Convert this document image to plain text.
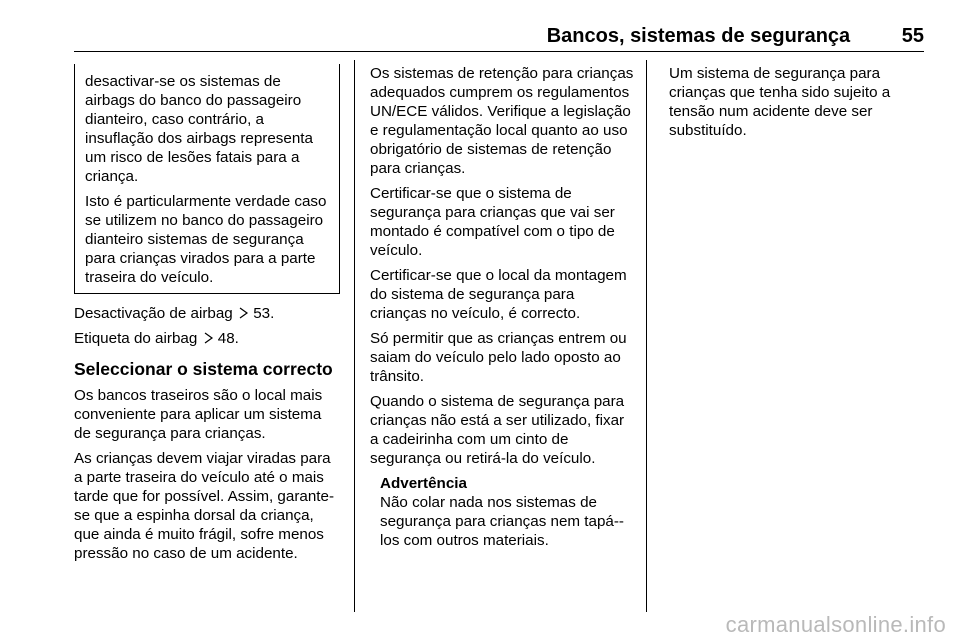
Bancos, sistemas de segurança	55

desactivar-se os sistemas de airbags do banco do passageiro dianteiro, caso contrário, a insuflação dos airbags representa um risco de lesões fatais para a criança.

Isto é particularmente verdade caso se utilizem no banco do passageiro dianteiro sistemas de segurança para crianças virados para a parte traseira do veículo.

Desactivação de airbag 53.

Etiqueta do airbag 48.

Seleccionar o sistema correcto

Os bancos traseiros são o local mais conveniente para aplicar um sistema de segurança para crianças.

As crianças devem viajar viradas para a parte traseira do veículo até o mais tarde que for possível. Assim, garante-se que a espinha dorsal da criança, que ainda é muito frágil, sofre menos pressão no caso de um acidente.

Os sistemas de retenção para crianças adequados cumprem os regulamentos UN/ECE válidos. Verifique a legislação e regulamentação local quanto ao uso obrigatório de sistemas de retenção para crianças.

Certificar-se que o sistema de segurança para crianças que vai ser montado é compatível com o tipo de veículo.

Certificar-se que o local da montagem do sistema de segurança para crianças no veículo, é correcto.

Só permitir que as crianças entrem ou saiam do veículo pelo lado oposto ao trânsito.

Quando o sistema de segurança para crianças não está a ser utilizado, fixar a cadeirinha com um cinto de segurança ou retirá-la do veículo.

Advertência

Não colar nada nos sistemas de segurança para crianças nem tapá--los com outros materiais.

Um sistema de segurança para crianças que tenha sido sujeito a tensão num acidente deve ser substituído.

carmanualsonline.info
